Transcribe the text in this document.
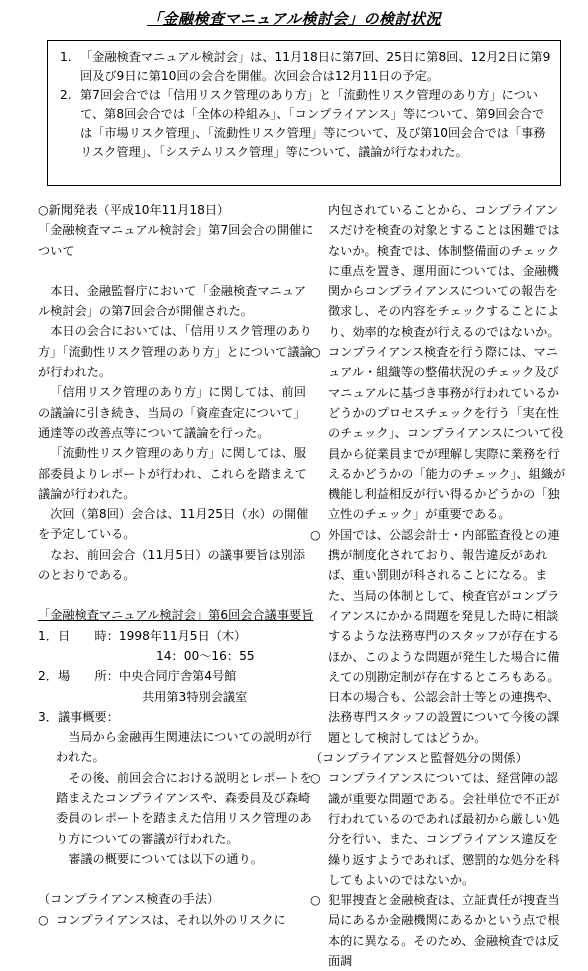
「金融検査マニュアル検討会」の検討状況
1. 「金融検査マニュアル検討会」は、11月18日に第7回、25日に第8回、12月2日に第9回及び9日に第10回の会合を開催。次回会合は12月11日の予定。
2. 第7回会合では「信用リスク管理のあり方」と「流動性リスク管理のあり方」について、第8回会合では「全体の枠組み」、「コンプライアンス」等について、第9回会合では「市場リスク管理」、「流動性リスク管理」等について、及び第10回会合では「事務リスク管理」、「システムリスク管理」等について、議論が行なわれた。

○新聞発表（平成10年11月18日）

「金融検査マニュアル検討会」第7回会合の開催について

本日、金融監督庁において「金融検査マニュアル検討会」の第7回会合が開催された。

本日の会合においては、「信用リスク管理のあり方」「流動性リスク管理のあり方」とについて議論が行われた。

「信用リスク管理のあり方」に関しては、前回の議論に引き続き、当局の「資産査定について」通達等の改善点等について議論を行った。

「流動性リスク管理のあり方」に関しては、服部委員よりレポートが行われ、これらを踏まえて議論が行われた。

次回（第8回）会合は、11月25日（水）の開催を予定している。

なお、前回会合（11月5日）の議事要旨は別添のとおりである。

「金融検査マニュアル検討会」第6回会合議事要旨

1．日　　時： 1998年11月5日（木）
14：00～16：55
2．場　　所： 中央合同庁舎第4号館
共用第3特別会議室

3．議事概要：

当局から金融再生関連法についての説明が行われた。

その後、前回会合における説明とレポートを踏まえたコンプライアンスや、森委員及び森崎委員のレポートを踏まえた信用リスク管理のあり方についての審議が行われた。

審議の概要については以下の通り。

（コンプライアンス検査の手法）

○ コンプライアンスは、それ以外のリスクに

内包されていることから、コンプライアンスだけを検査の対象とすることは困難ではないか。検査では、体制整備面のチェックに重点を置き、運用面については、金融機関からコンプライアンスについての報告を徴求し、その内容をチェックすることにより、効率的な検査が行えるのではないか。

○ コンプライアンス検査を行う際には、マニュアル・組織等の整備状況のチェック及びマニュアルに基づき事務が行われているかどうかのプロセスチェックを行う「実在性のチェック」、コンプライアンスについて役員から従業員までが理解し実際に業務を行えるかどうかの「能力のチェック」、組織が機能し利益相反が行い得るかどうかの「独立性のチェック」が重要である。
○ 外国では、公認会計士・内部監査役との連携が制度化されており、報告違反があれば、重い罰則が科されることになる。また、当局の体制として、検査官がコンプライアンスにかかる問題を発見した時に相談するような法務専門のスタッフが存在するほか、このような問題が発生した場合に備えての別勘定制が存在するところもある。日本の場合も、公認会計士等との連携や、法務専門スタッフの設置について今後の課題として検討してはどうか。

（コンプライアンスと監督処分の関係）

○ コンプライアンスについては、経営陣の認識が重要な問題である。会社単位で不正が行われているのであれば最初から厳しい処分を行い、また、コンプライアンス違反を繰り返すようであれば、懲罰的な処分を科してもよいのではないか。
○ 犯罪捜査と金融検査は、立証責任が捜査当局にあるか金融機関にあるかという点で根本的に異なる。そのため、金融検査では反面調
